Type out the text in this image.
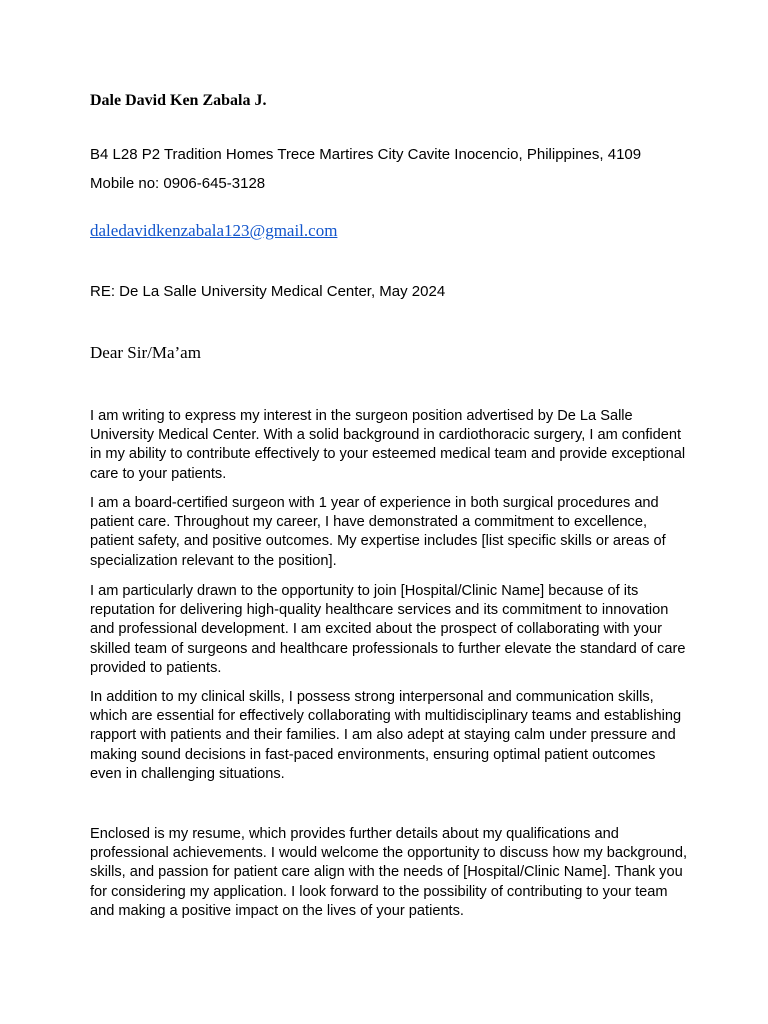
Dale David Ken Zabala J.

B4 L28 P2 Tradition Homes Trece Martires City Cavite Inocencio, Philippines, 4109

Mobile no: 0906-645-3128

daledavidkenzabala123@gmail.com

RE: De La Salle University Medical Center, May 2024

Dear Sir/Ma’am

I am writing to express my interest in the surgeon position advertised by De La Salle University Medical Center. With a solid background in cardiothoracic surgery, I am confident in my ability to contribute effectively to your esteemed medical team and provide exceptional care to your patients.

I am a board-certified surgeon with 1 year of experience in both surgical procedures and patient care. Throughout my career, I have demonstrated a commitment to excellence, patient safety, and positive outcomes. My expertise includes [list specific skills or areas of specialization relevant to the position].

I am particularly drawn to the opportunity to join [Hospital/Clinic Name] because of its reputation for delivering high-quality healthcare services and its commitment to innovation and professional development. I am excited about the prospect of collaborating with your skilled team of surgeons and healthcare professionals to further elevate the standard of care provided to patients.

In addition to my clinical skills, I possess strong interpersonal and communication skills, which are essential for effectively collaborating with multidisciplinary teams and establishing rapport with patients and their families. I am also adept at staying calm under pressure and making sound decisions in fast-paced environments, ensuring optimal patient outcomes even in challenging situations.

Enclosed is my resume, which provides further details about my qualifications and professional achievements. I would welcome the opportunity to discuss how my background, skills, and passion for patient care align with the needs of [Hospital/Clinic Name]. Thank you for considering my application. I look forward to the possibility of contributing to your team and making a positive impact on the lives of your patients.
